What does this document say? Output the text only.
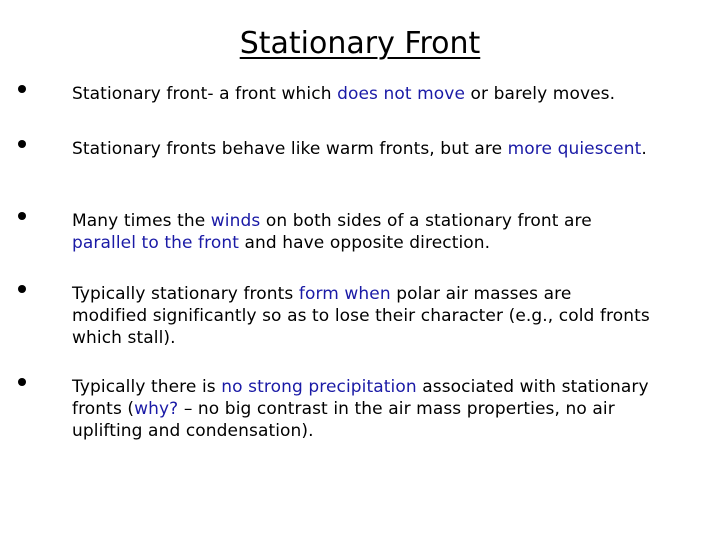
Stationary Front
Stationary front- a front which does not move or barely moves.
Stationary fronts behave like warm fronts, but are more quiescent.
Many times the winds on both sides of a stationary front are parallel to the front and have opposite direction.
Typically stationary fronts form when polar air masses are modified significantly so as to lose their character (e.g., cold fronts which stall).
Typically there is no strong precipitation associated with stationary fronts (why? – no big contrast in the air mass properties, no air uplifting and condensation).
